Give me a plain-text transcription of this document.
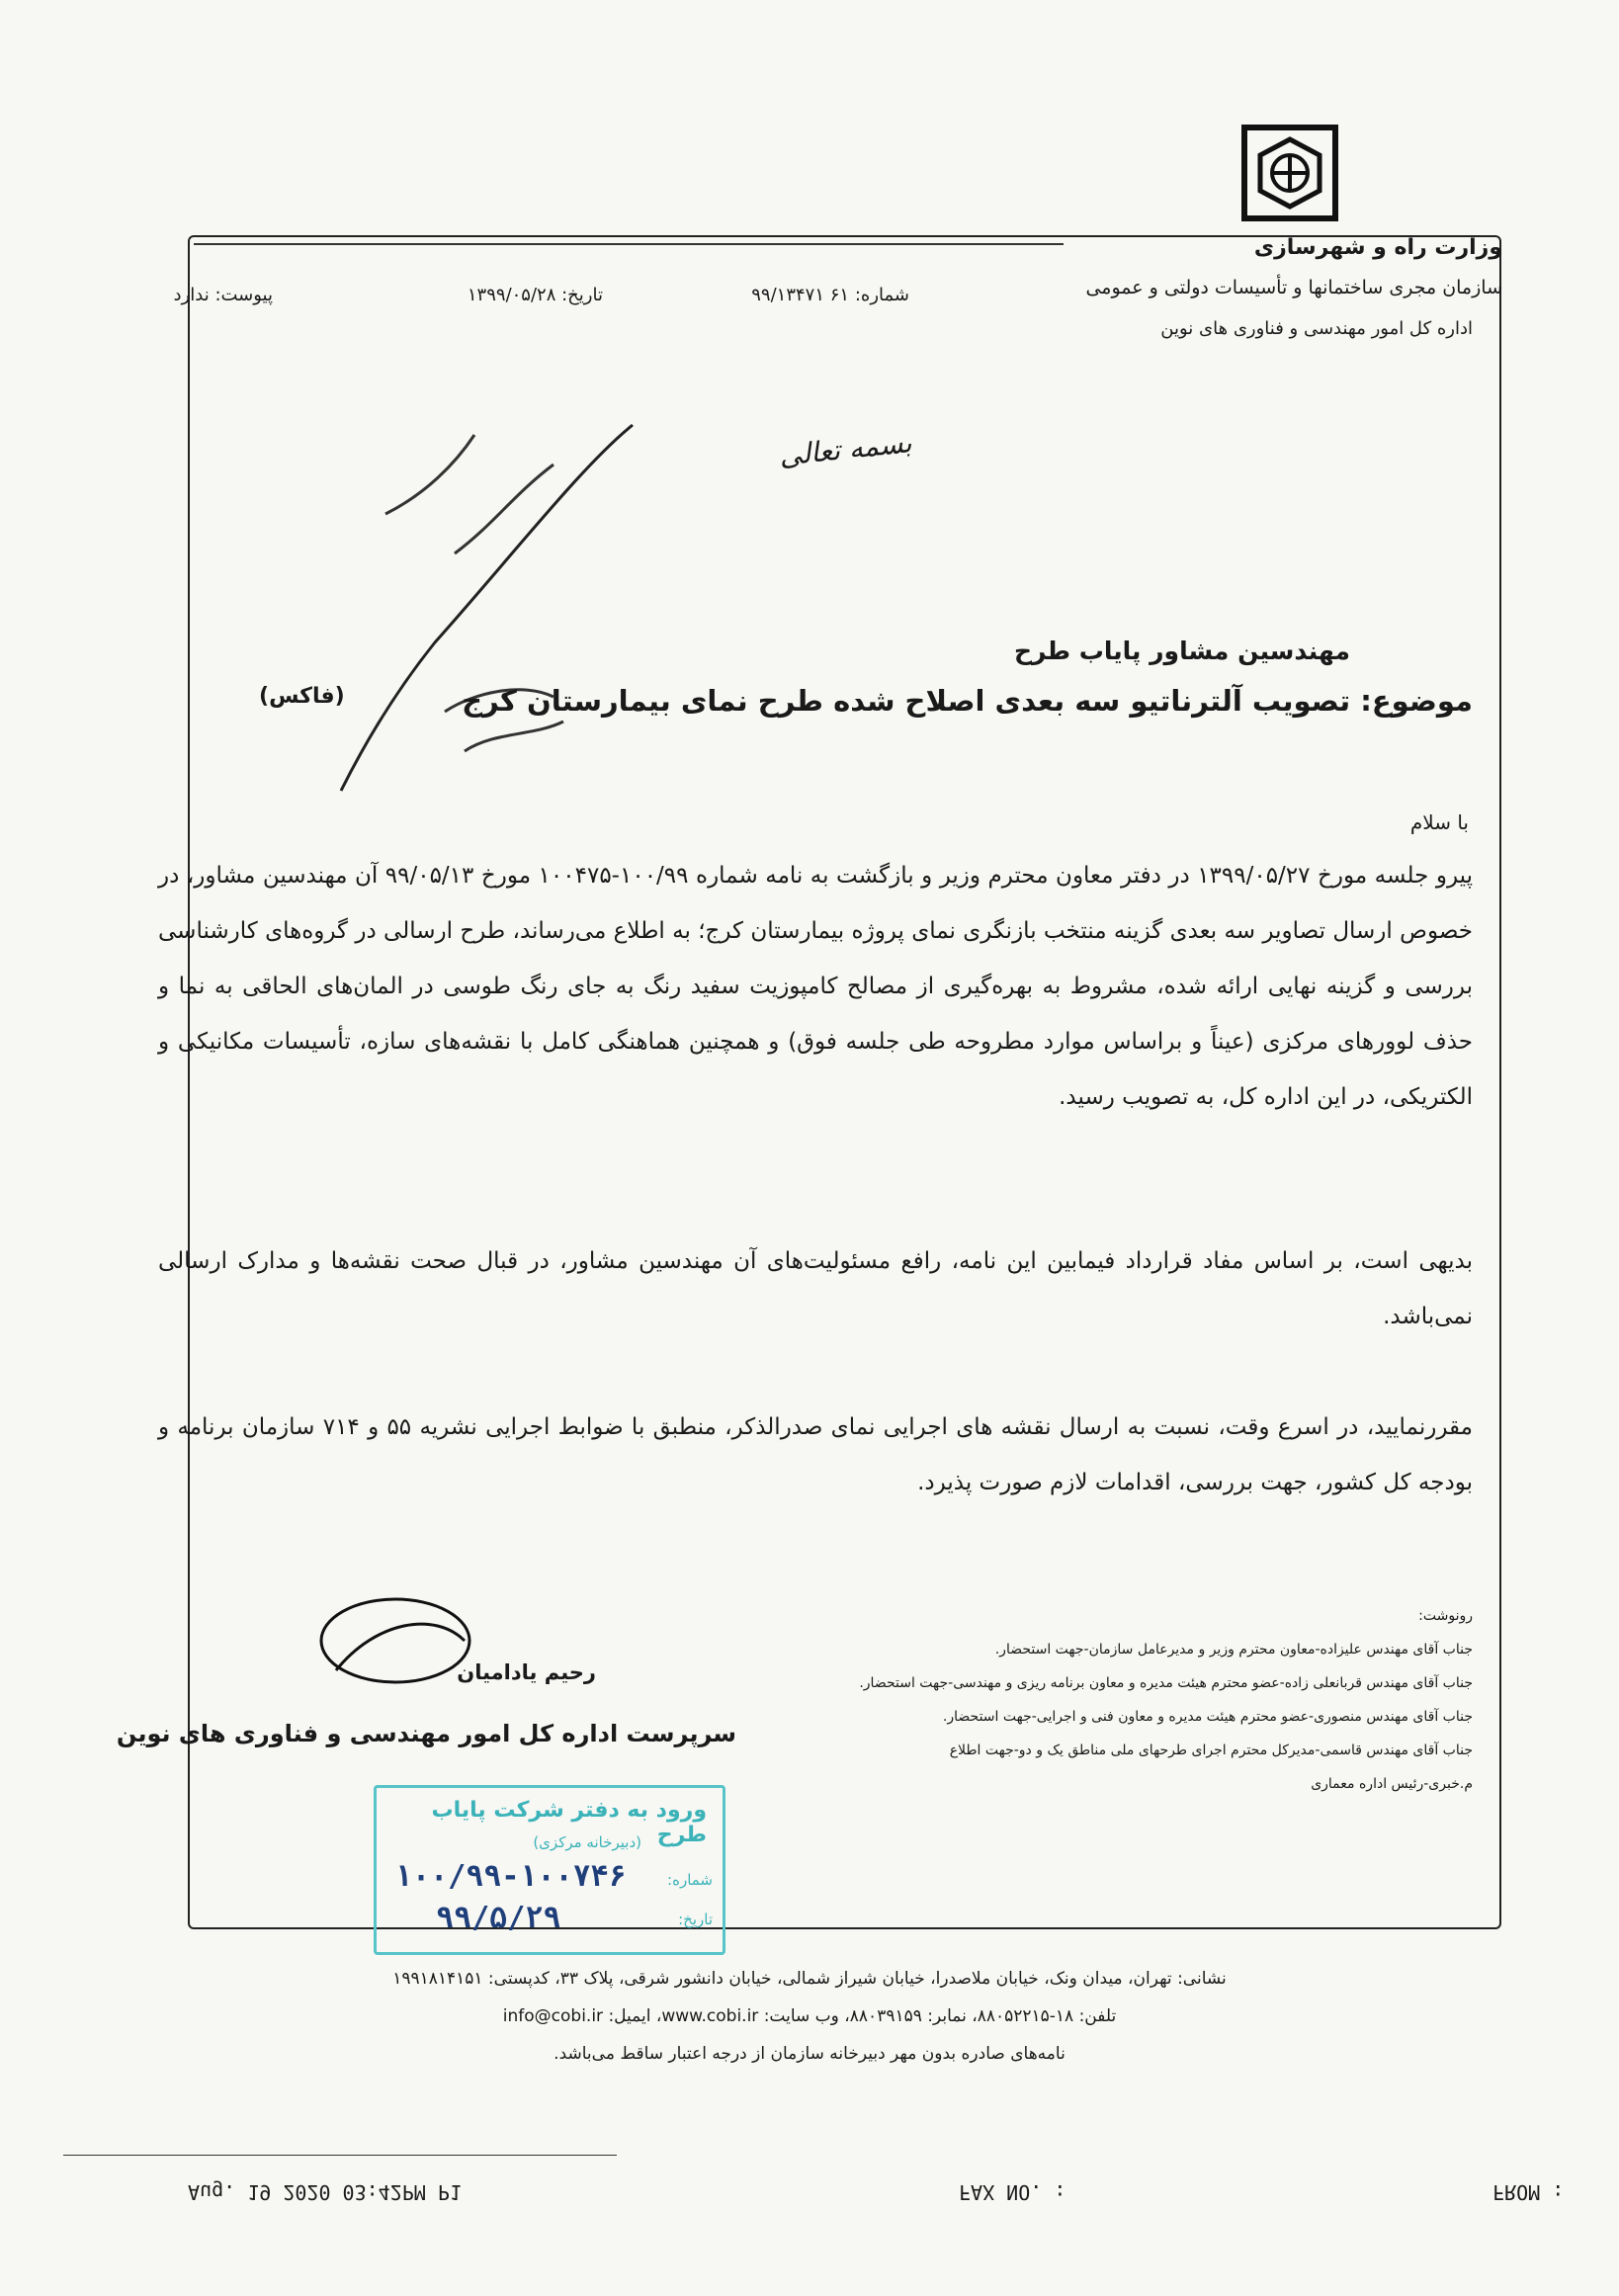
وزارت راه و شهرسازی
سازمان مجری ساختمانها و تأسیسات دولتی و عمومی
اداره کل امور مهندسی و فناوری های نوین
شماره: ۶۱ ۹۹/۱۳۴۷۱
تاریخ: ۱۳۹۹/۰۵/۲۸
پیوست: ندارد
بسمه تعالی
مهندسین مشاور پایاب طرح
موضوع: تصویب آلترناتیو سه بعدی اصلاح شده طرح نمای بیمارستان کرج
(فاکس)
با سلام
پیرو جلسه مورخ ۱۳۹۹/۰۵/۲۷ در دفتر معاون محترم وزیر و بازگشت به نامه شماره ۱۰۰/۹۹-۱۰۰۴۷۵ مورخ ۹۹/۰۵/۱۳ آن مهندسین مشاور، در خصوص ارسال تصاویر سه بعدی گزینه منتخب بازنگری نمای پروژه بیمارستان کرج؛ به اطلاع می‌رساند، طرح ارسالی در گروه‌های کارشناسی بررسی و گزینه نهایی ارائه شده، مشروط به بهره‌گیری از مصالح کامپوزیت سفید رنگ به جای رنگ طوسی در المان‌های الحاقی به نما و حذف لوورهای مرکزی (عیناً و براساس موارد مطروحه طی جلسه فوق) و همچنین هماهنگی کامل با نقشه‌های سازه، تأسیسات مکانیکی و الکتریکی، در این اداره کل، به تصویب رسید.
بدیهی است، بر اساس مفاد قرارداد فیمابین این نامه، رافع مسئولیت‌های آن مهندسین مشاور، در قبال صحت نقشه‌ها و مدارک ارسالی نمی‌باشد.
مقررنمایید، در اسرع وقت، نسبت به ارسال نقشه های اجرایی نمای صدرالذکر، منطبق با ضوابط اجرایی نشریه ۵۵ و ۷۱۴ سازمان برنامه و بودجه کل کشور، جهت بررسی، اقدامات لازم صورت پذیرد.
رحیم یادامیان
سرپرست اداره کل امور مهندسی و فناوری های نوین
رونوشت:
جناب آقای مهندس علیزاده-معاون محترم وزیر و مدیرعامل سازمان-جهت استحضار.
جناب آقای مهندس قربانعلی زاده-عضو محترم هیئت مدیره و معاون برنامه ریزی و مهندسی-جهت استحضار.
جناب آقای مهندس منصوری-عضو محترم هیئت مدیره و معاون فنی و اجرایی-جهت استحضار.
جناب آقای مهندس قاسمی-مدیرکل محترم اجرای طرحهای ملی مناطق یک و دو-جهت اطلاع
م.خبری-رئیس اداره معماری
ورود به دفتر شرکت پایاب طرح
(دبیرخانه مرکزی)
شماره:
۱۰۰/۹۹-۱۰۰۷۴۶
تاریخ:
۹۹/۵/۲۹
نشانی: تهران، میدان ونک، خیابان ملاصدرا، خیابان شیراز شمالی، خیابان دانشور شرقی، پلاک ۳۳، کدپستی: ۱۹۹۱۸۱۴۱۵۱
تلفن: ۱۸-۸۸۰۵۲۲۱۵، نمابر: ۸۸۰۳۹۱۵۹، وب سایت: www.cobi.ir، ایمیل: info@cobi.ir
نامه‌های صادره بدون مهر دبیرخانه سازمان از درجه اعتبار ساقط می‌باشد.
FROM :
FAX NO. :
Aug. 19 2020 03:42PM P1
